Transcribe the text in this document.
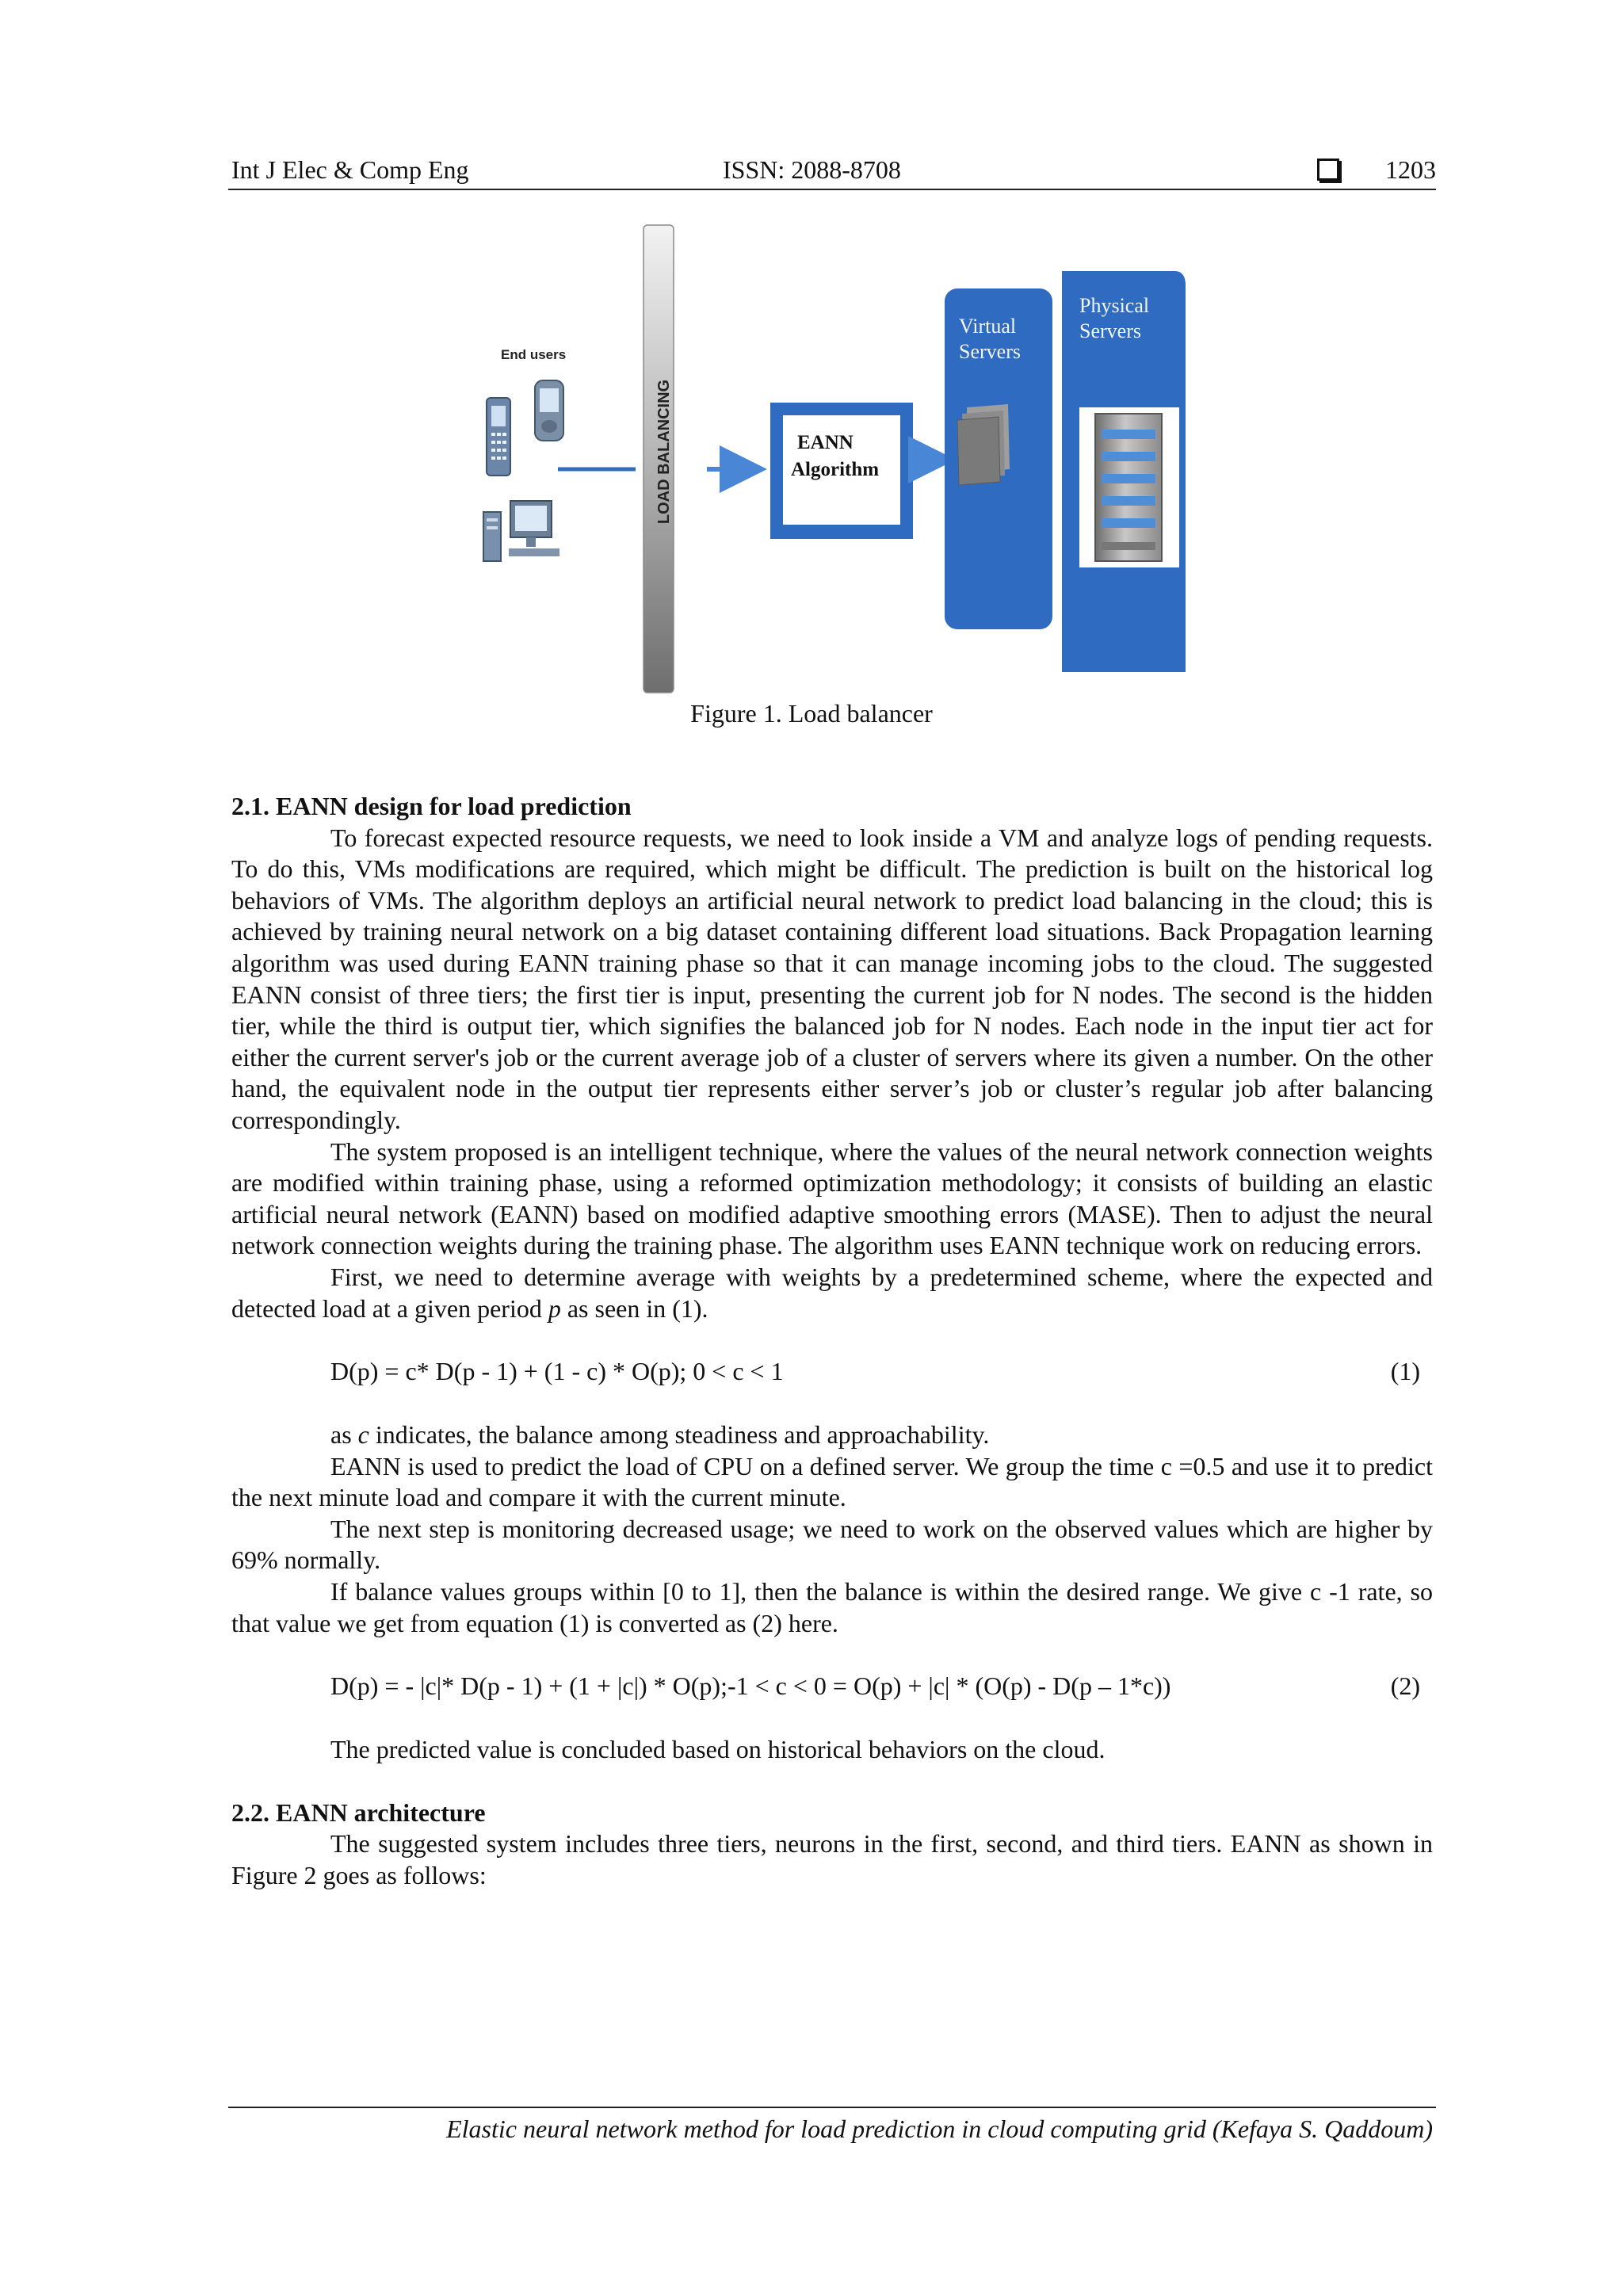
Int J Elec & Comp Eng	ISSN: 2088-8708	1203
End users
LOAD BALANCING	EANN
Algorithm
Virtual
Servers
Physical
Servers
Figure 1. Load balancer

2.1. EANN design for load prediction

To forecast expected resource requests, we need to look inside a VM and analyze logs of pending requests. To do this, VMs modifications are required, which might be difficult. The prediction is built on the historical log behaviors of VMs. The algorithm deploys an artificial neural network to predict load balancing in the cloud; this is achieved by training neural network on a big dataset containing different load situations. Back Propagation learning algorithm was used during EANN training phase so that it can manage incoming jobs to the cloud. The suggested EANN consist of three tiers; the first tier is input, presenting the current job for N nodes. The second is the hidden tier, while the third is output tier, which signifies the balanced job for N nodes. Each node in the input tier act for either the current server's job or the current average job of a cluster of servers where its given a number. On the other hand, the equivalent node in the output tier represents either server’s job or cluster’s regular job after balancing correspondingly.

The system proposed is an intelligent technique, where the values of the neural network connection weights are modified within training phase, using a reformed optimization methodology; it consists of building an elastic artificial neural network (EANN) based on modified adaptive smoothing errors (MASE). Then to adjust the neural network connection weights during the training phase. The algorithm uses EANN technique work on reducing errors.

First, we need to determine average with weights by a predetermined scheme, where the expected and detected load at a given period p as seen in (1).

D(p) = c* D(p - 1) + (1 - c) * O(p); 0 < c < 1	(1)

as c indicates, the balance among steadiness and approachability.

EANN is used to predict the load of CPU on a defined server. We group the time c =0.5 and use it to predict the next minute load and compare it with the current minute.

The next step is monitoring decreased usage; we need to work on the observed values which are higher by 69% normally.

If balance values groups within [0 to 1], then the balance is within the desired range. We give c -1 rate, so that value we get from equation (1) is converted as (2) here.

D(p) = - |c|* D(p - 1) + (1 + |c|) * O(p);-1 < c < 0 = O(p) + |c| * (O(p) - D(p – 1*c))	(2)

The predicted value is concluded based on historical behaviors on the cloud.

2.2. EANN architecture

The suggested system includes three tiers, neurons in the first, second, and third tiers. EANN as shown in Figure 2 goes as follows:

Elastic neural network method for load prediction in cloud computing grid (Kefaya S. Qaddoum)
